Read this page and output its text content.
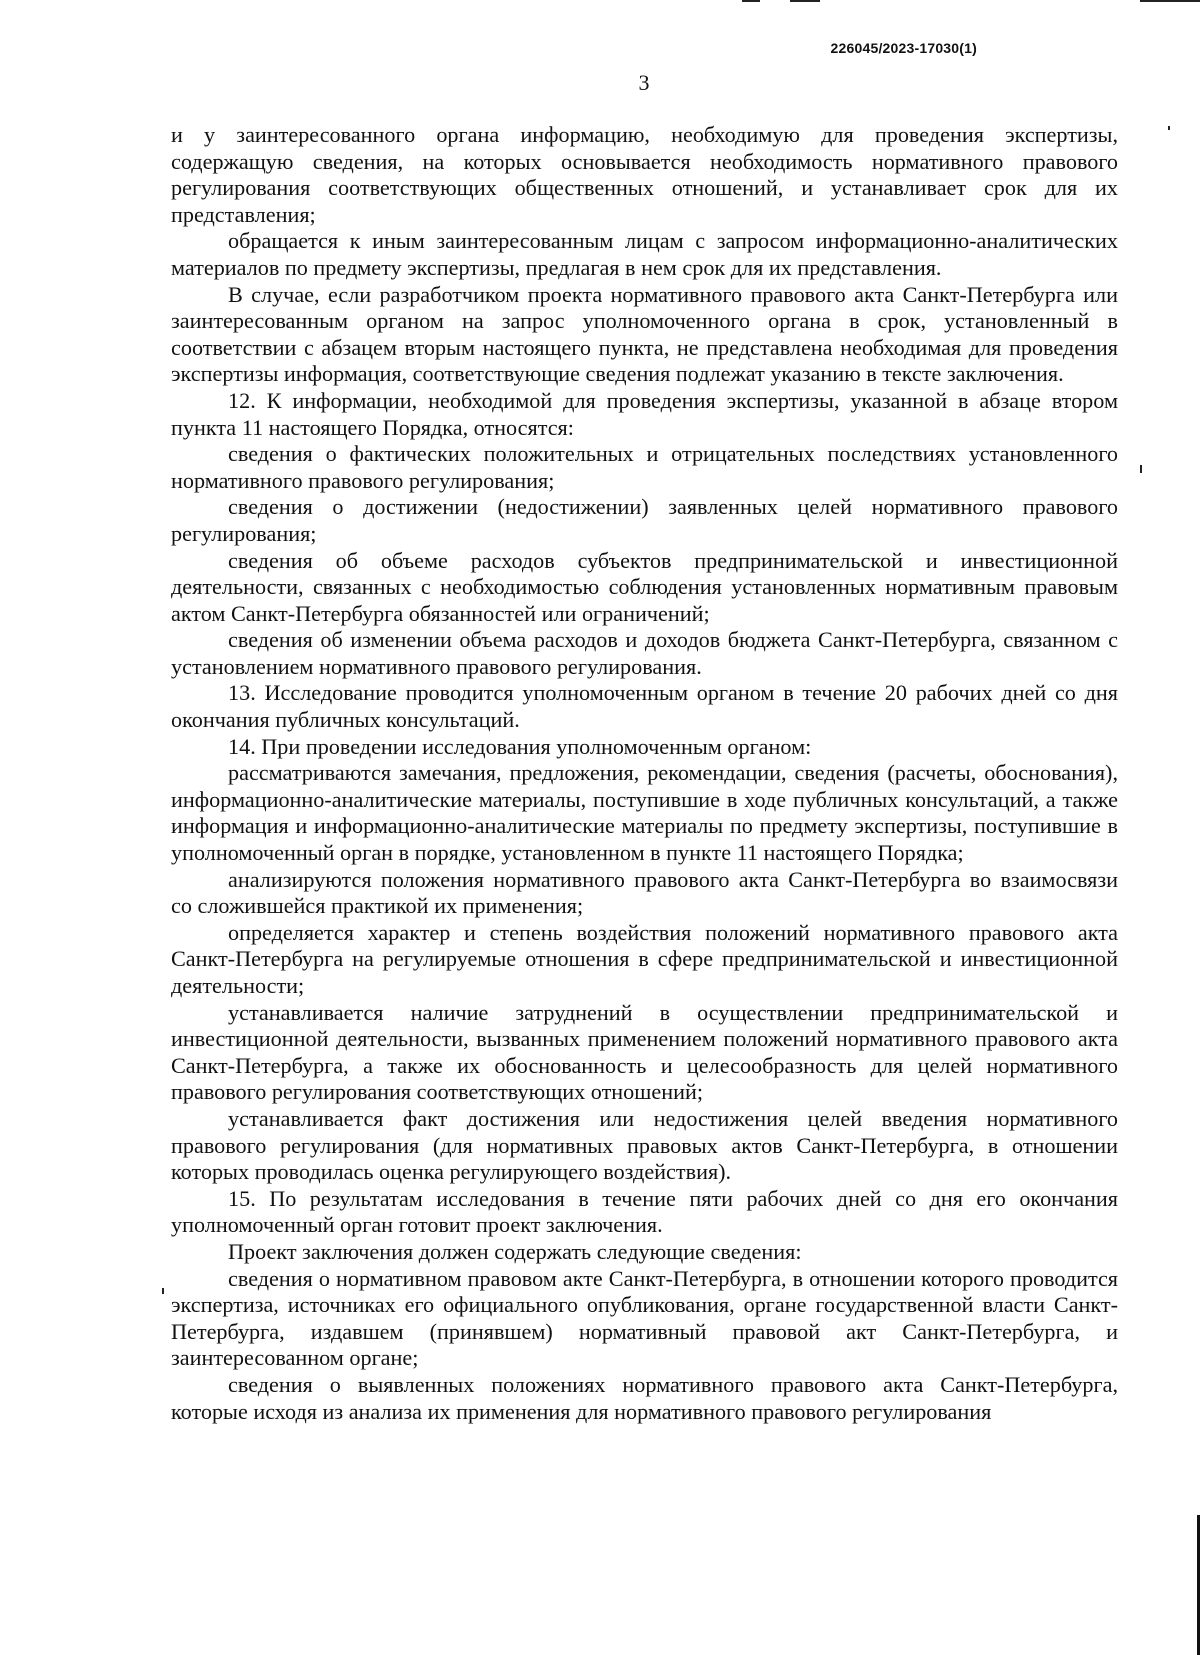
226045/2023-17030(1)
3

и у заинтересованного органа информацию, необходимую для проведения экспертизы, содержащую сведения, на которых основывается необходимость нормативного правового регулирования соответствующих общественных отношений, и устанавливает срок для их представления;

обращается к иным заинтересованным лицам с запросом информационно-аналитических материалов по предмету экспертизы, предлагая в нем срок для их представления.

В случае, если разработчиком проекта нормативного правового акта Санкт-Петербурга или заинтересованным органом на запрос уполномоченного органа в срок, установленный в соответствии с абзацем вторым настоящего пункта, не представлена необходимая для проведения экспертизы информация, соответствующие сведения подлежат указанию в тексте заключения.

12. К информации, необходимой для проведения экспертизы, указанной в абзаце втором пункта 11 настоящего Порядка, относятся:

сведения о фактических положительных и отрицательных последствиях установленного нормативного правового регулирования;

сведения о достижении (недостижении) заявленных целей нормативного правового регулирования;

сведения об объеме расходов субъектов предпринимательской и инвестиционной деятельности, связанных с необходимостью соблюдения установленных нормативным правовым актом Санкт-Петербурга обязанностей или ограничений;

сведения об изменении объема расходов и доходов бюджета Санкт-Петербурга, связанном с установлением нормативного правового регулирования.

13. Исследование проводится уполномоченным органом в течение 20 рабочих дней со дня окончания публичных консультаций.

14. При проведении исследования уполномоченным органом:

рассматриваются замечания, предложения, рекомендации, сведения (расчеты, обоснования), информационно-аналитические материалы, поступившие в ходе публичных консультаций, а также информация и информационно-аналитические материалы по предмету экспертизы, поступившие в уполномоченный орган в порядке, установленном в пункте 11 настоящего Порядка;

анализируются положения нормативного правового акта Санкт-Петербурга во взаимосвязи со сложившейся практикой их применения;

определяется характер и степень воздействия положений нормативного правового акта Санкт-Петербурга на регулируемые отношения в сфере предпринимательской и инвестиционной деятельности;

устанавливается наличие затруднений в осуществлении предпринимательской и инвестиционной деятельности, вызванных применением положений нормативного правового акта Санкт-Петербурга, а также их обоснованность и целесообразность для целей нормативного правового регулирования соответствующих отношений;

устанавливается факт достижения или недостижения целей введения нормативного правового регулирования (для нормативных правовых актов Санкт-Петербурга, в отношении которых проводилась оценка регулирующего воздействия).

15. По результатам исследования в течение пяти рабочих дней со дня его окончания уполномоченный орган готовит проект заключения.

Проект заключения должен содержать следующие сведения:

сведения о нормативном правовом акте Санкт-Петербурга, в отношении которого проводится экспертиза, источниках его официального опубликования, органе государственной власти Санкт-Петербурга, издавшем (принявшем) нормативный правовой акт Санкт-Петербурга, и заинтересованном органе;

сведения о выявленных положениях нормативного правового акта Санкт-Петербурга, которые исходя из анализа их применения для нормативного правового регулирования
